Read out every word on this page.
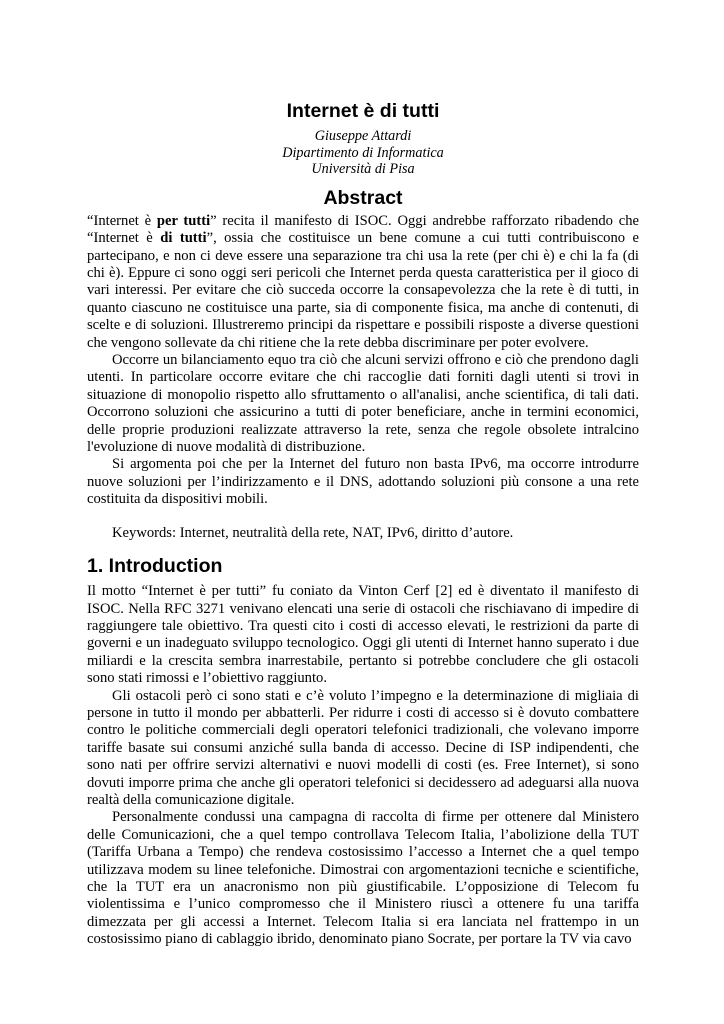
Internet è di tutti
Giuseppe Attardi
Dipartimento di Informatica
Università di Pisa
Abstract

“Internet è per tutti” recita il manifesto di ISOC. Oggi andrebbe rafforzato ribadendo che “Internet è di tutti”, ossia che costituisce un bene comune a cui tutti contribuiscono e partecipano, e non ci deve essere una separazione tra chi usa la rete (per chi è) e chi la fa (di chi è). Eppure ci sono oggi seri pericoli che Internet perda questa caratteristica per il gioco di vari interessi. Per evitare che ciò succeda occorre la consapevolezza che la rete è di tutti, in quanto ciascuno ne costituisce una parte, sia di componente fisica, ma anche di contenuti, di scelte e di soluzioni. Illustreremo principi da rispettare e possibili risposte a diverse questioni che vengono sollevate da chi ritiene che la rete debba discriminare per poter evolvere.

Occorre un bilanciamento equo tra ciò che alcuni servizi offrono e ciò che prendono dagli utenti. In particolare occorre evitare che chi raccoglie dati forniti dagli utenti si trovi in situazione di monopolio rispetto allo sfruttamento o all'analisi, anche scientifica, di tali dati. Occorrono soluzioni che assicurino a tutti di poter beneficiare, anche in termini economici, delle proprie produzioni realizzate attraverso la rete, senza che regole obsolete intralcino l'evoluzione di nuove modalità di distribuzione.

Si argomenta poi che per la Internet del futuro non basta IPv6, ma occorre introdurre nuove soluzioni per l’indirizzamento e il DNS, adottando soluzioni più consone a una rete costituita da dispositivi mobili.

Keywords: Internet, neutralità della rete, NAT, IPv6, diritto d’autore.

1. Introduction

Il motto “Internet è per tutti” fu coniato da Vinton Cerf [2] ed è diventato il manifesto di ISOC. Nella RFC 3271 venivano elencati una serie di ostacoli che rischiavano di impedire di raggiungere tale obiettivo. Tra questi cito i costi di accesso elevati, le restrizioni da parte di governi e un inadeguato sviluppo tecnologico. Oggi gli utenti di Internet hanno superato i due miliardi e la crescita sembra inarrestabile, pertanto si potrebbe concludere che gli ostacoli sono stati rimossi e l’obiettivo raggiunto.

Gli ostacoli però ci sono stati e c’è voluto l’impegno e la determinazione di migliaia di persone in tutto il mondo per abbatterli. Per ridurre i costi di accesso si è dovuto combattere contro le politiche commerciali degli operatori telefonici tradizionali, che volevano imporre tariffe basate sui consumi anziché sulla banda di accesso. Decine di ISP indipendenti, che sono nati per offrire servizi alternativi e nuovi modelli di costi (es. Free Internet), si sono dovuti imporre prima che anche gli operatori telefonici si decidessero ad adeguarsi alla nuova realtà della comunicazione digitale.

Personalmente condussi una campagna di raccolta di firme per ottenere dal Ministero delle Comunicazioni, che a quel tempo controllava Telecom Italia, l’abolizione della TUT (Tariffa Urbana a Tempo) che rendeva costosissimo l’accesso a Internet che a quel tempo utilizzava modem su linee telefoniche. Dimostrai con argomentazioni tecniche e scientifiche, che la TUT era un anacronismo non più giustificabile. L’opposizione di Telecom fu violentissima e l’unico compromesso che il Ministero riuscì a ottenere fu una tariffa dimezzata per gli accessi a Internet. Telecom Italia si era lanciata nel frattempo in un costosissimo piano di cablaggio ibrido, denominato piano Socrate, per portare la TV via cavo
